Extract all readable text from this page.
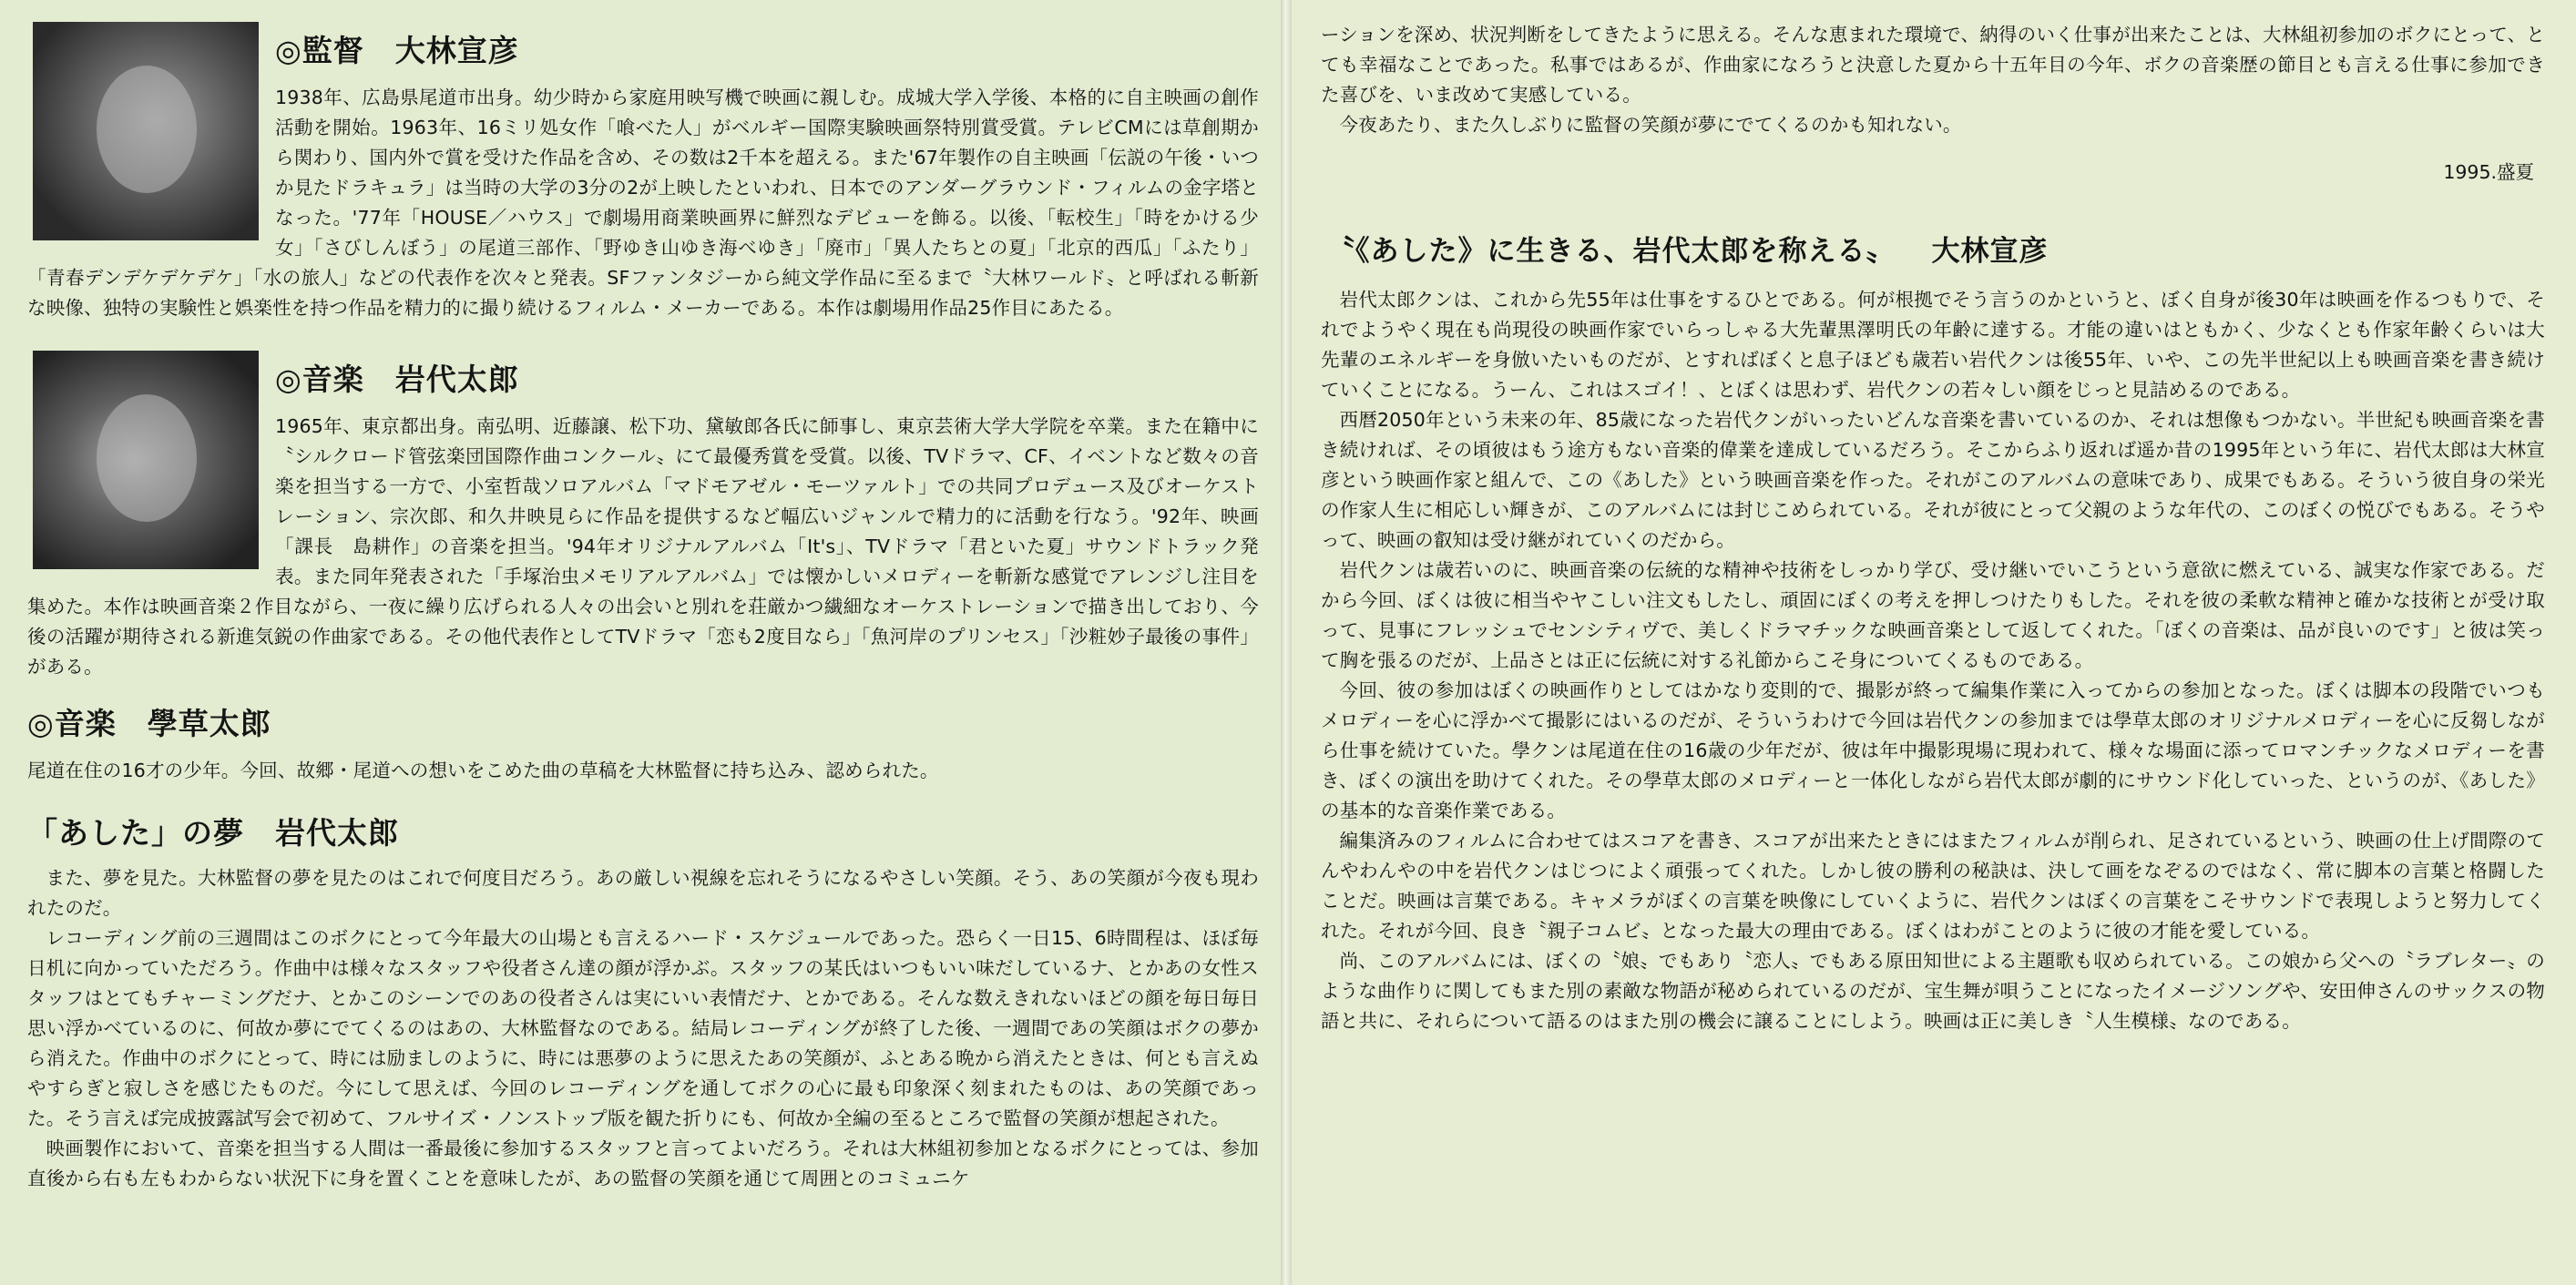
◎監督 大林宣彦

1938年、広島県尾道市出身。幼少時から家庭用映写機で映画に親しむ。成城大学入学後、本格的に自主映画の創作活動を開始。1963年、16ミリ処女作「喰べた人」がベルギー国際実験映画祭特別賞受賞。テレビCMには草創期から関わり、国内外で賞を受けた作品を含め、その数は2千本を超える。また'67年製作の自主映画「伝説の午後・いつか見たドラキュラ」は当時の大学の3分の2が上映したといわれ、日本でのアンダーグラウンド・フィルムの金字塔となった。'77年「HOUSE／ハウス」で劇場用商業映画界に鮮烈なデビューを飾る。以後、「転校生」「時をかける少女」「さびしんぼう」の尾道三部作、「野ゆき山ゆき海べゆき」「廃市」「異人たちとの夏」「北京的西瓜」「ふたり」「青春デンデケデケデケ」「水の旅人」などの代表作を次々と発表。SFファンタジーから純文学作品に至るまで〝大林ワールド〟と呼ばれる斬新な映像、独特の実験性と娯楽性を持つ作品を精力的に撮り続けるフィルム・メーカーである。本作は劇場用作品25作目にあたる。

◎音楽 岩代太郎

1965年、東京都出身。南弘明、近藤譲、松下功、黛敏郎各氏に師事し、東京芸術大学大学院を卒業。また在籍中に〝シルクロード管弦楽団国際作曲コンクール〟にて最優秀賞を受賞。以後、TVドラマ、CF、イベントなど数々の音楽を担当する一方で、小室哲哉ソロアルバム「マドモアゼル・モーツァルト」での共同プロデュース及びオーケストレーション、宗次郎、和久井映見らに作品を提供するなど幅広いジャンルで精力的に活動を行なう。'92年、映画「課長　島耕作」の音楽を担当。'94年オリジナルアルバム「It's」、TVドラマ「君といた夏」サウンドトラック発表。また同年発表された「手塚治虫メモリアルアルバム」では懐かしいメロディーを斬新な感覚でアレンジし注目を集めた。本作は映画音楽２作目ながら、一夜に繰り広げられる人々の出会いと別れを荘厳かつ繊細なオーケストレーションで描き出しており、今後の活躍が期待される新進気鋭の作曲家である。その他代表作としてTVドラマ「恋も2度目なら」「魚河岸のプリンセス」「沙粧妙子最後の事件」がある。

◎音楽 學草太郎

尾道在住の16才の少年。今回、故郷・尾道への想いをこめた曲の草稿を大林監督に持ち込み、認められた。

「あした」の夢 岩代太郎

また、夢を見た。大林監督の夢を見たのはこれで何度目だろう。あの厳しい視線を忘れそうになるやさしい笑顔。そう、あの笑顔が今夜も現われたのだ。

レコーディング前の三週間はこのボクにとって今年最大の山場とも言えるハード・スケジュールであった。恐らく一日15、6時間程は、ほぼ毎日机に向かっていただろう。作曲中は様々なスタッフや役者さん達の顔が浮かぶ。スタッフの某氏はいつもいい味だしているナ、とかあの女性スタッフはとてもチャーミングだナ、とかこのシーンでのあの役者さんは実にいい表情だナ、とかである。そんな数えきれないほどの顔を毎日毎日思い浮かべているのに、何故か夢にでてくるのはあの、大林監督なのである。結局レコーディングが終了した後、一週間であの笑顔はボクの夢から消えた。作曲中のボクにとって、時には励ましのように、時には悪夢のように思えたあの笑顔が、ふとある晩から消えたときは、何とも言えぬやすらぎと寂しさを感じたものだ。今にして思えば、今回のレコーディングを通してボクの心に最も印象深く刻まれたものは、あの笑顔であった。そう言えば完成披露試写会で初めて、フルサイズ・ノンストップ版を観た折りにも、何故か全編の至るところで監督の笑顔が想起された。

映画製作において、音楽を担当する人間は一番最後に参加するスタッフと言ってよいだろう。それは大林組初参加となるボクにとっては、参加直後から右も左もわからない状況下に身を置くことを意味したが、あの監督の笑顔を通じて周囲とのコミュニケ

ーションを深め、状況判断をしてきたように思える。そんな恵まれた環境で、納得のいく仕事が出来たことは、大林組初参加のボクにとって、とても幸福なことであった。私事ではあるが、作曲家になろうと決意した夏から十五年目の今年、ボクの音楽歴の節目とも言える仕事に参加できた喜びを、いま改めて実感している。

今夜あたり、また久しぶりに監督の笑顔が夢にでてくるのかも知れない。

1995.盛夏

〝《あした》に生きる、岩代太郎を称える〟 大林宣彦

岩代太郎クンは、これから先55年は仕事をするひとである。何が根拠でそう言うのかというと、ぼく自身が後30年は映画を作るつもりで、それでようやく現在も尚現役の映画作家でいらっしゃる大先輩黒澤明氏の年齢に達する。才能の違いはともかく、少なくとも作家年齢くらいは大先輩のエネルギーを身倣いたいものだが、とすればぼくと息子ほども歳若い岩代クンは後55年、いや、この先半世紀以上も映画音楽を書き続けていくことになる。うーん、これはスゴイ！、とぼくは思わず、岩代クンの若々しい顔をじっと見詰めるのである。

西暦2050年という未来の年、85歳になった岩代クンがいったいどんな音楽を書いているのか、それは想像もつかない。半世紀も映画音楽を書き続ければ、その頃彼はもう途方もない音楽的偉業を達成しているだろう。そこからふり返れば遥か昔の1995年という年に、岩代太郎は大林宣彦という映画作家と組んで、この《あした》という映画音楽を作った。それがこのアルバムの意味であり、成果でもある。そういう彼自身の栄光の作家人生に相応しい輝きが、このアルバムには封じこめられている。それが彼にとって父親のような年代の、このぼくの悦びでもある。そうやって、映画の叡知は受け継がれていくのだから。

岩代クンは歳若いのに、映画音楽の伝統的な精神や技術をしっかり学び、受け継いでいこうという意欲に燃えている、誠実な作家である。だから今回、ぼくは彼に相当やヤこしい注文もしたし、頑固にぼくの考えを押しつけたりもした。それを彼の柔軟な精神と確かな技術とが受け取って、見事にフレッシュでセンシティヴで、美しくドラマチックな映画音楽として返してくれた。「ぼくの音楽は、品が良いのです」と彼は笑って胸を張るのだが、上品さとは正に伝統に対する礼節からこそ身についてくるものである。

今回、彼の参加はぼくの映画作りとしてはかなり変則的で、撮影が終って編集作業に入ってからの参加となった。ぼくは脚本の段階でいつもメロディーを心に浮かべて撮影にはいるのだが、そういうわけで今回は岩代クンの参加までは學草太郎のオリジナルメロディーを心に反芻しながら仕事を続けていた。學クンは尾道在住の16歳の少年だが、彼は年中撮影現場に現われて、様々な場面に添ってロマンチックなメロディーを書き、ぼくの演出を助けてくれた。その學草太郎のメロディーと一体化しながら岩代太郎が劇的にサウンド化していった、というのが、《あした》の基本的な音楽作業である。

編集済みのフィルムに合わせてはスコアを書き、スコアが出来たときにはまたフィルムが削られ、足されているという、映画の仕上げ間際のてんやわんやの中を岩代クンはじつによく頑張ってくれた。しかし彼の勝利の秘訣は、決して画をなぞるのではなく、常に脚本の言葉と格闘したことだ。映画は言葉である。キャメラがぼくの言葉を映像にしていくように、岩代クンはぼくの言葉をこそサウンドで表現しようと努力してくれた。それが今回、良き〝親子コムビ〟となった最大の理由である。ぼくはわがことのように彼の才能を愛している。

尚、このアルバムには、ぼくの〝娘〟でもあり〝恋人〟でもある原田知世による主題歌も収められている。この娘から父への〝ラブレター〟のような曲作りに関してもまた別の素敵な物語が秘められているのだが、宝生舞が唄うことになったイメージソングや、安田伸さんのサックスの物語と共に、それらについて語るのはまた別の機会に譲ることにしよう。映画は正に美しき〝人生模様〟なのである。
